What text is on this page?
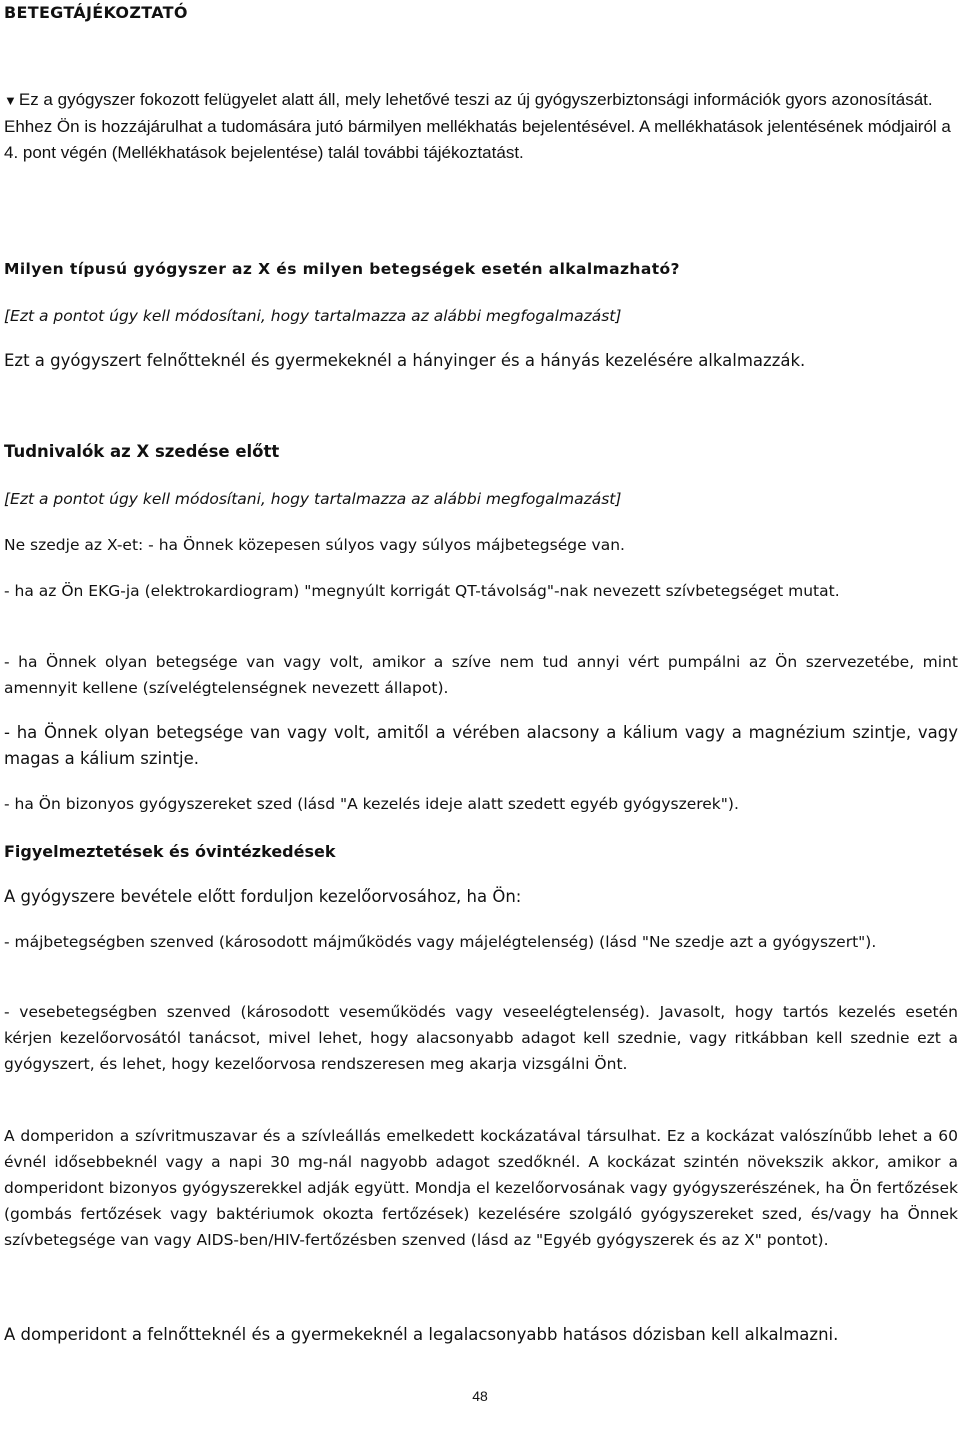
BETEGTÁJÉKOZTATÓ

▼ Ez a gyógyszer fokozott felügyelet alatt áll, mely lehetővé teszi az új gyógyszerbiztonsági információk gyors azonosítását. Ehhez Ön is hozzájárulhat a tudomására jutó bármilyen mellékhatás bejelentésével. A mellékhatások jelentésének módjairól a 4. pont végén (Mellékhatások bejelentése) talál további tájékoztatást.

Milyen típusú gyógyszer az X és milyen betegségek esetén alkalmazható?
[Ezt a pontot úgy kell módosítani, hogy tartalmazza az alábbi megfogalmazást]
Ezt a gyógyszert felnőtteknél és gyermekeknél a hányinger és a hányás kezelésére alkalmazzák.
Tudnivalók az X szedése előtt
[Ezt a pontot úgy kell módosítani, hogy tartalmazza az alábbi megfogalmazást]
Ne szedje az X-et: - ha Önnek közepesen súlyos vagy súlyos májbetegsége van.
- ha az Ön EKG-ja (elektrokardiogram) "megnyúlt korrigát QT-távolság"-nak nevezett szívbetegséget mutat.
- ha Önnek olyan betegsége van vagy volt, amikor a szíve nem tud annyi vért pumpálni az Ön szervezetébe, mint amennyit kellene (szívelégtelenségnek nevezett állapot).
- ha Önnek olyan betegsége van vagy volt, amitől a vérében alacsony a kálium vagy a magnézium szintje, vagy magas a kálium szintje.
- ha Ön bizonyos gyógyszereket szed (lásd "A kezelés ideje alatt szedett egyéb gyógyszerek").
Figyelmeztetések és óvintézkedések
A gyógyszere bevétele előtt forduljon kezelőorvosához, ha Ön:
- májbetegségben szenved (károsodott májműködés vagy májelégtelenség) (lásd "Ne szedje azt a gyógyszert").
- vesebetegségben szenved (károsodott veseműködés vagy veseelégtelenség). Javasolt, hogy tartós kezelés esetén kérjen kezelőorvosától tanácsot, mivel lehet, hogy alacsonyabb adagot kell szednie, vagy ritkábban kell szednie ezt a gyógyszert, és lehet, hogy kezelőorvosa rendszeresen meg akarja vizsgálni Önt.
A domperidon a szívritmuszavar és a szívleállás emelkedett kockázatával társulhat. Ez a kockázat valószínűbb lehet a 60 évnél idősebbeknél vagy a napi 30 mg-nál nagyobb adagot szedőknél. A kockázat szintén növekszik akkor, amikor a domperidont bizonyos gyógyszerekkel adják együtt. Mondja el kezelőorvosának vagy gyógyszerészének, ha Ön fertőzések (gombás fertőzések vagy baktériumok okozta fertőzések) kezelésére szolgáló gyógyszereket szed, és/vagy ha Önnek szívbetegsége van vagy AIDS-ben/HIV-fertőzésben szenved (lásd az "Egyéb gyógyszerek és az X" pontot).
A domperidont a felnőtteknél és a gyermekeknél a legalacsonyabb hatásos dózisban kell alkalmazni.
48
